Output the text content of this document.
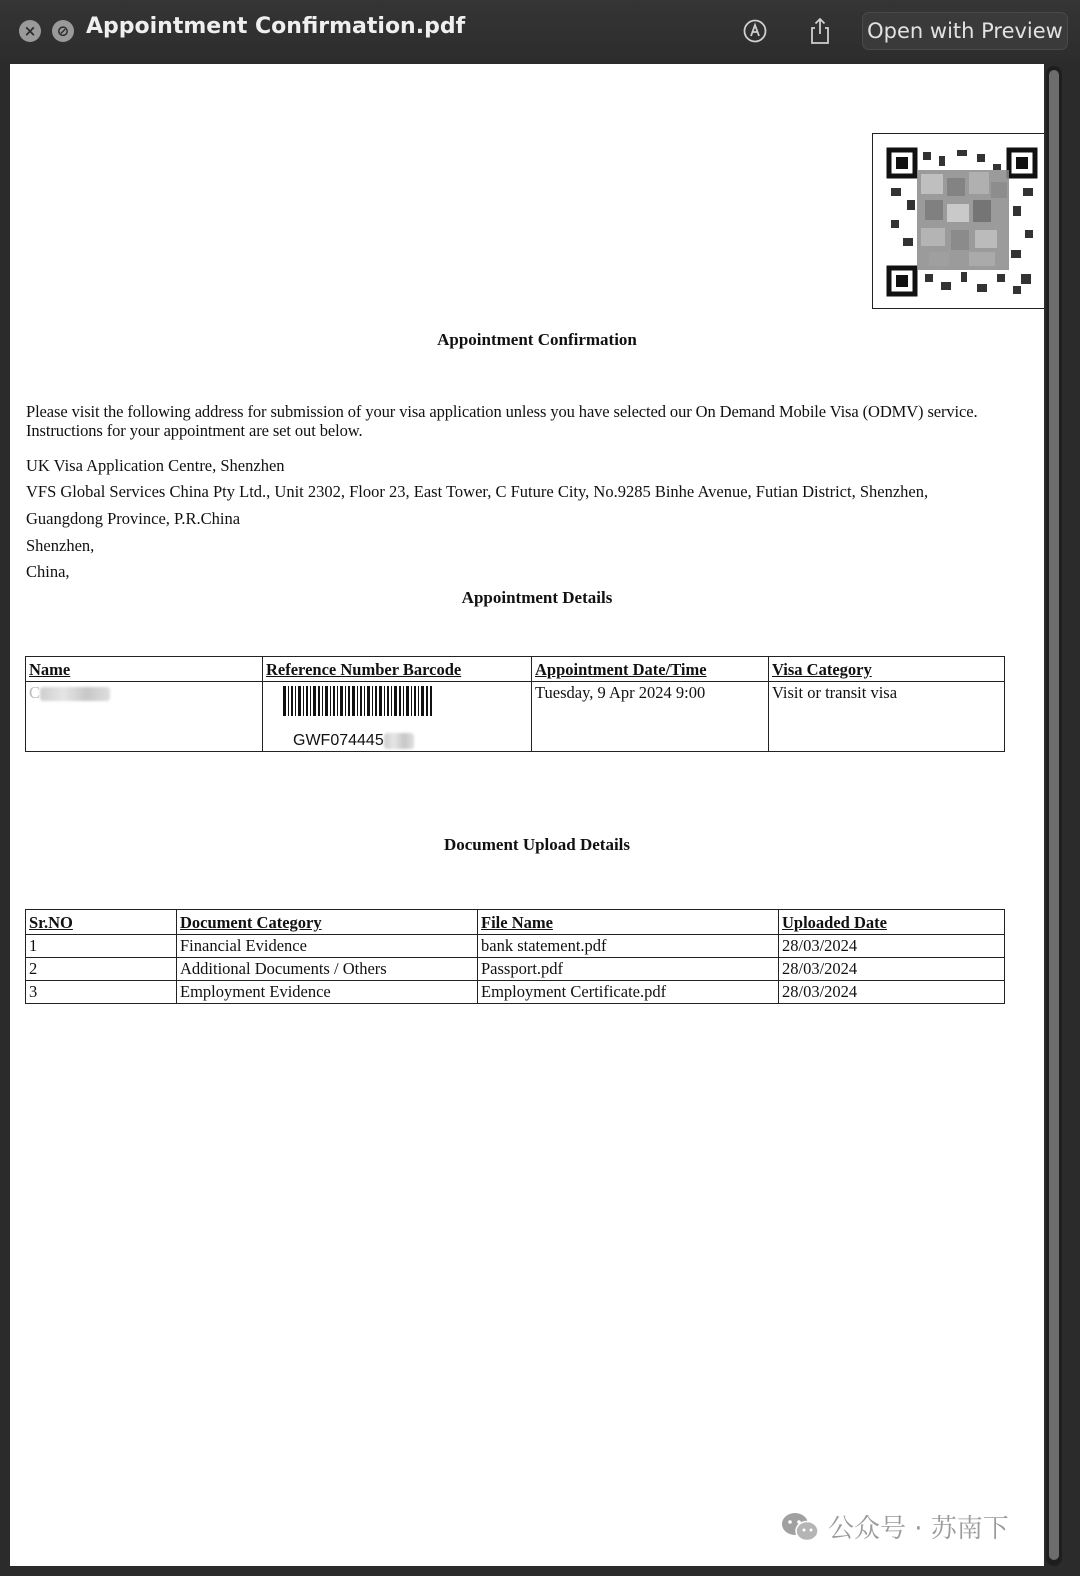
×	⊘ Appointment Confirmation.pdf	Open with Preview
Appointment Confirmation
Please visit the following address for submission of your visa application unless you have selected our On Demand Mobile Visa (ODMV) service. Instructions for your appointment are set out below.
UK Visa Application Centre, Shenzhen
VFS Global Services China Pty Ltd., Unit 2302, Floor 23, East Tower, C Future City, No.9285 Binhe Avenue, Futian District, Shenzhen,
Guangdong Province, P.R.China
Shenzhen,
China,
Appointment Details
Name	Reference Number Barcode	Appointment Date/Time	Visa Category
C	GWF074445	Tuesday, 9 Apr 2024 9:00	Visit or transit visa
Document Upload Details
Sr.NO	Document Category	File Name	Uploaded Date
1	Financial Evidence	bank statement.pdf	28/03/2024
2	Additional Documents / Others	Passport.pdf	28/03/2024
3	Employment Evidence	Employment Certificate.pdf	28/03/2024
公众号 · 苏南下
